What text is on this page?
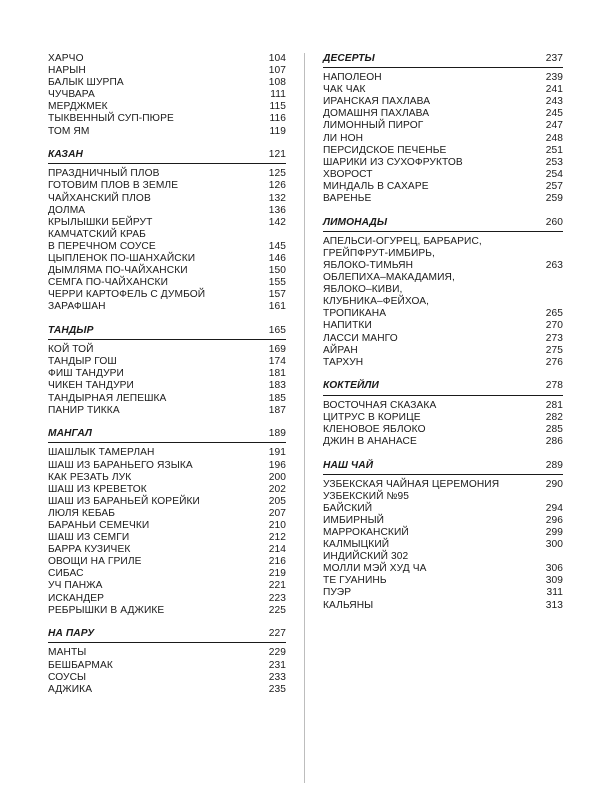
ХАРЧО	104
НАРЫН	107
БАЛЫК ШУРПА	108
ЧУЧВАРА	111
МЕРДЖМЕК	115
ТЫКВЕННЫЙ СУП-ПЮРЕ	116
ТОМ ЯМ	119
КАЗАН	121
ПРАЗДНИЧНЫЙ ПЛОВ	125
ГОТОВИМ ПЛОВ В ЗЕМЛЕ	126
ЧАЙХАНСКИЙ ПЛОВ	132
ДОЛМА	136
КРЫЛЫШКИ БЕЙРУТ	142
КАМЧАТСКИЙ КРАБ
В ПЕРЕЧНОМ СОУСЕ	145
ЦЫПЛЕНОК ПО-ШАНХАЙСКИ	146
ДЫМЛЯМА ПО-ЧАЙХАНСКИ	150
СЕМГА ПО-ЧАЙХАНСКИ	155
ЧЕРРИ КАРТОФЕЛЬ С ДУМБОЙ	157
ЗАРАФШАН	161
ТАНДЫР	165
КОЙ ТОЙ	169
ТАНДЫР ГОШ	174
ФИШ ТАНДУРИ	181
ЧИКЕН ТАНДУРИ	183
ТАНДЫРНАЯ ЛЕПЕШКА	185
ПАНИР ТИККА	187
МАНГАЛ	189
ШАШЛЫК ТАМЕРЛАН	191
ШАШ ИЗ БАРАНЬЕГО ЯЗЫКА	196
КАК РЕЗАТЬ ЛУК	200
ШАШ ИЗ КРЕВЕТОК	202
ШАШ ИЗ БАРАНЬЕЙ КОРЕЙКИ	205
ЛЮЛЯ КЕБАБ	207
БАРАНЬИ СЕМЕЧКИ	210
ШАШ ИЗ СЕМГИ	212
БАРРА КУЗИЧЕК	214
ОВОЩИ НА ГРИЛЕ	216
СИБАС	219
УЧ ПАНЖА	221
ИСКАНДЕР	223
РЕБРЫШКИ В АДЖИКЕ	225
НА ПАРУ	227
МАНТЫ	229
БЕШБАРМАК	231
СОУСЫ	233
АДЖИКА	235
ДЕСЕРТЫ	237
НАПОЛЕОН	239
ЧАК ЧАК	241
ИРАНСКАЯ ПАХЛАВА	243
ДОМАШНЯ ПАХЛАВА	245
ЛИМОННЫЙ ПИРОГ	247
ЛИ НОН	248
ПЕРСИДСКОЕ ПЕЧЕНЬЕ	251
ШАРИКИ ИЗ СУХОФРУКТОВ	253
ХВОРОСТ	254
МИНДАЛЬ В САХАРЕ	257
ВАРЕНЬЕ	259
ЛИМОНАДЫ	260
АПЕЛЬСИ-ОГУРЕЦ, БАРБАРИС,
ГРЕЙПФРУТ-ИМБИРЬ,
ЯБЛОКО-ТИМЬЯН	263
ОБЛЕПИХА–МАКАДАМИЯ,
ЯБЛОКО–КИВИ,
КЛУБНИКА–ФЕЙХОА,
ТРОПИКАНА	265
НАПИТКИ	270
ЛАССИ МАНГО	273
АЙРАН	275
ТАРХУН	276
КОКТЕЙЛИ	278
ВОСТОЧНАЯ СКАЗАКА	281
ЦИТРУС В КОРИЦЕ	282
КЛЕНОВОЕ ЯБЛОКО	285
ДЖИН В АНАНАСЕ	286
НАШ ЧАЙ	289
УЗБЕКСКАЯ ЧАЙНАЯ ЦЕРЕМОНИЯ	290
УЗБЕКСКИЙ №95
БАЙСКИЙ	294
ИМБИРНЫЙ	296
МАРРОКАНСКИЙ	299
КАЛМЫЦКИЙ	300
ИНДИЙСКИЙ 302
МОЛЛИ МЭЙ ХУД ЧА	306
ТЕ ГУАНИНЬ	309
ПУЭР	311
КАЛЬЯНЫ	313
